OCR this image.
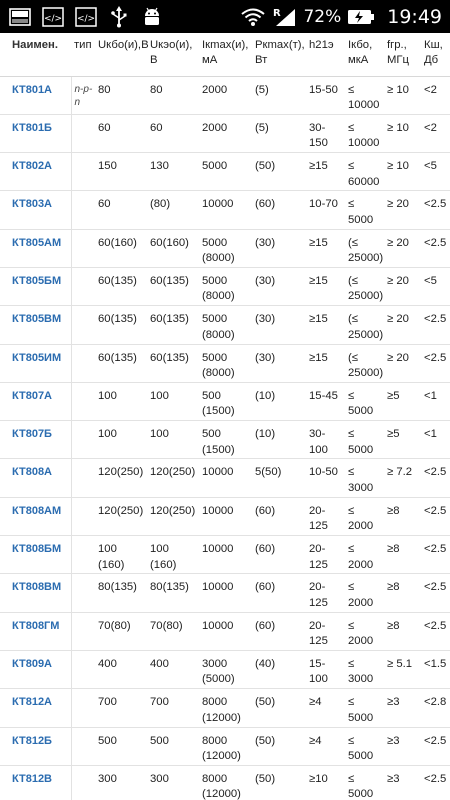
</> </>	R 72% 19:49
Наимен.	тип	Uкбо(и),В	Uкэо(и), В	Iкmax(и), мА	Pкmax(т), Вт	h21э	Iкбо, мкА	fгр., МГц	Кш, Дб
КТ801А	n-p-n	80	80	2000	(5)	15-50	≤ 10000	≥ 10	<2
КТ801Б		60	60	2000	(5)	30-150	≤ 10000	≥ 10	<2
КТ802А		150	130	5000	(50)	≥15	≤ 60000	≥ 10	<5
КТ803А		60	(80)	10000	(60)	10-70	≤ 5000	≥ 20	<2.5
КТ805АМ		60(160)	60(160)	5000 (8000)	(30)	≥15	(≤ 25000)	≥ 20	<2.5
КТ805БМ		60(135)	60(135)	5000 (8000)	(30)	≥15	(≤ 25000)	≥ 20	<5
КТ805ВМ		60(135)	60(135)	5000 (8000)	(30)	≥15	(≤ 25000)	≥ 20	<2.5
КТ805ИМ		60(135)	60(135)	5000 (8000)	(30)	≥15	(≤ 25000)	≥ 20	<2.5
КТ807А		100	100	500 (1500)	(10)	15-45	≤ 5000	≥5	<1
КТ807Б		100	100	500 (1500)	(10)	30-100	≤ 5000	≥5	<1
КТ808А		120(250)	120(250)	10000	5(50)	10-50	≤ 3000	≥ 7.2	<2.5
КТ808АМ		120(250)	120(250)	10000	(60)	20-125	≤ 2000	≥8	<2.5
КТ808БМ		100 (160)	100 (160)	10000	(60)	20-125	≤ 2000	≥8	<2.5
КТ808ВМ		80(135)	80(135)	10000	(60)	20-125	≤ 2000	≥8	<2.5
КТ808ГМ		70(80)	70(80)	10000	(60)	20-125	≤ 2000	≥8	<2.5
КТ809А		400	400	3000 (5000)	(40)	15-100	≤ 3000	≥ 5.1	<1.5
КТ812А		700	700	8000 (12000)	(50)	≥4	≤ 5000	≥3	<2.8
КТ812Б		500	500	8000 (12000)	(50)	≥4	≤ 5000	≥3	<2.5
КТ812В		300	300	8000 (12000)	(50)	≥10	≤ 5000	≥3	<2.5
